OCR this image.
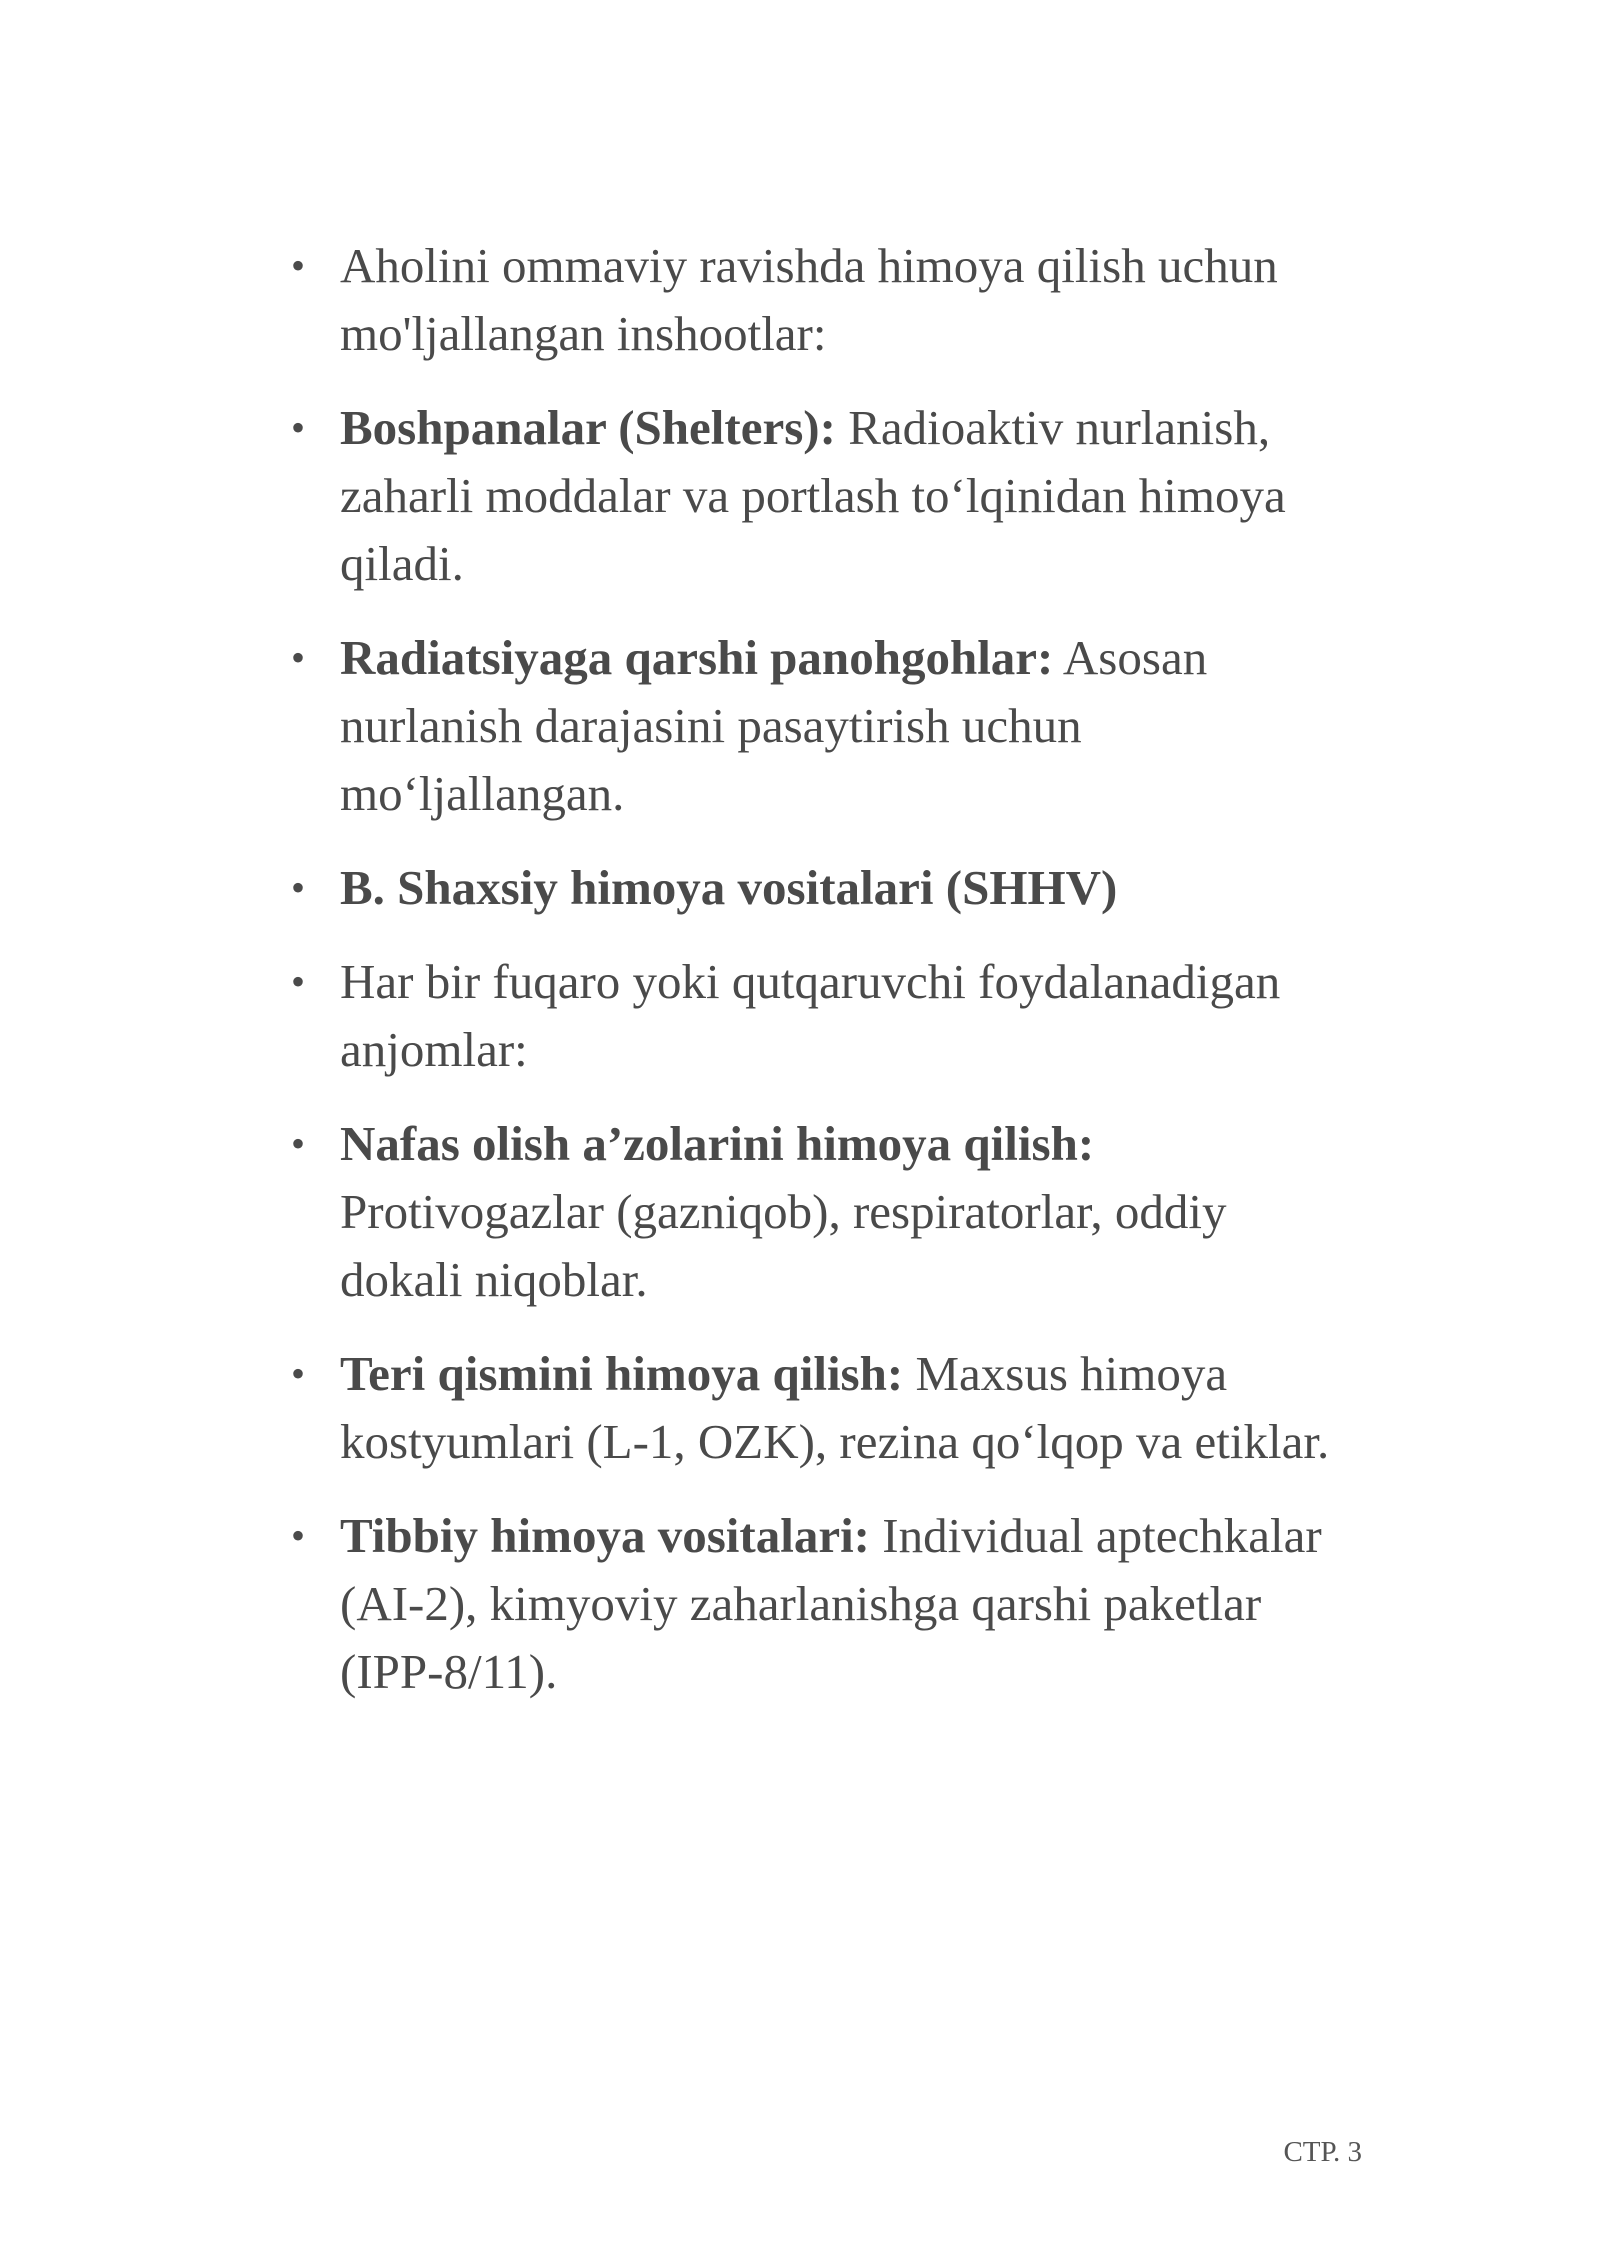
• Aholini ommaviy ravishda himoya qilish uchun mo'ljallangan inshootlar:
• Boshpanalar (Shelters): Radioaktiv nurlanish, zaharli moddalar va portlash to‘lqinidan himoya qiladi.
• Radiatsiyaga qarshi panohgohlar: Asosan nurlanish darajasini pasaytirish uchun mo‘ljallangan.
• B. Shaxsiy himoya vositalari (SHHV)
• Har bir fuqaro yoki qutqaruvchi foydalanadigan anjomlar:
• Nafas olish a’zolarini himoya qilish: Protivogazlar (gazniqob), respiratorlar, oddiy dokali niqoblar.
• Teri qismini himoya qilish: Maxsus himoya kostyumlari (L-1, OZK), rezina qo‘lqop va etiklar.
• Tibbiy himoya vositalari: Individual aptechkalar (AI-2), kimyoviy zaharlanishga qarshi paketlar (IPP-8/11).
СТР. 3
